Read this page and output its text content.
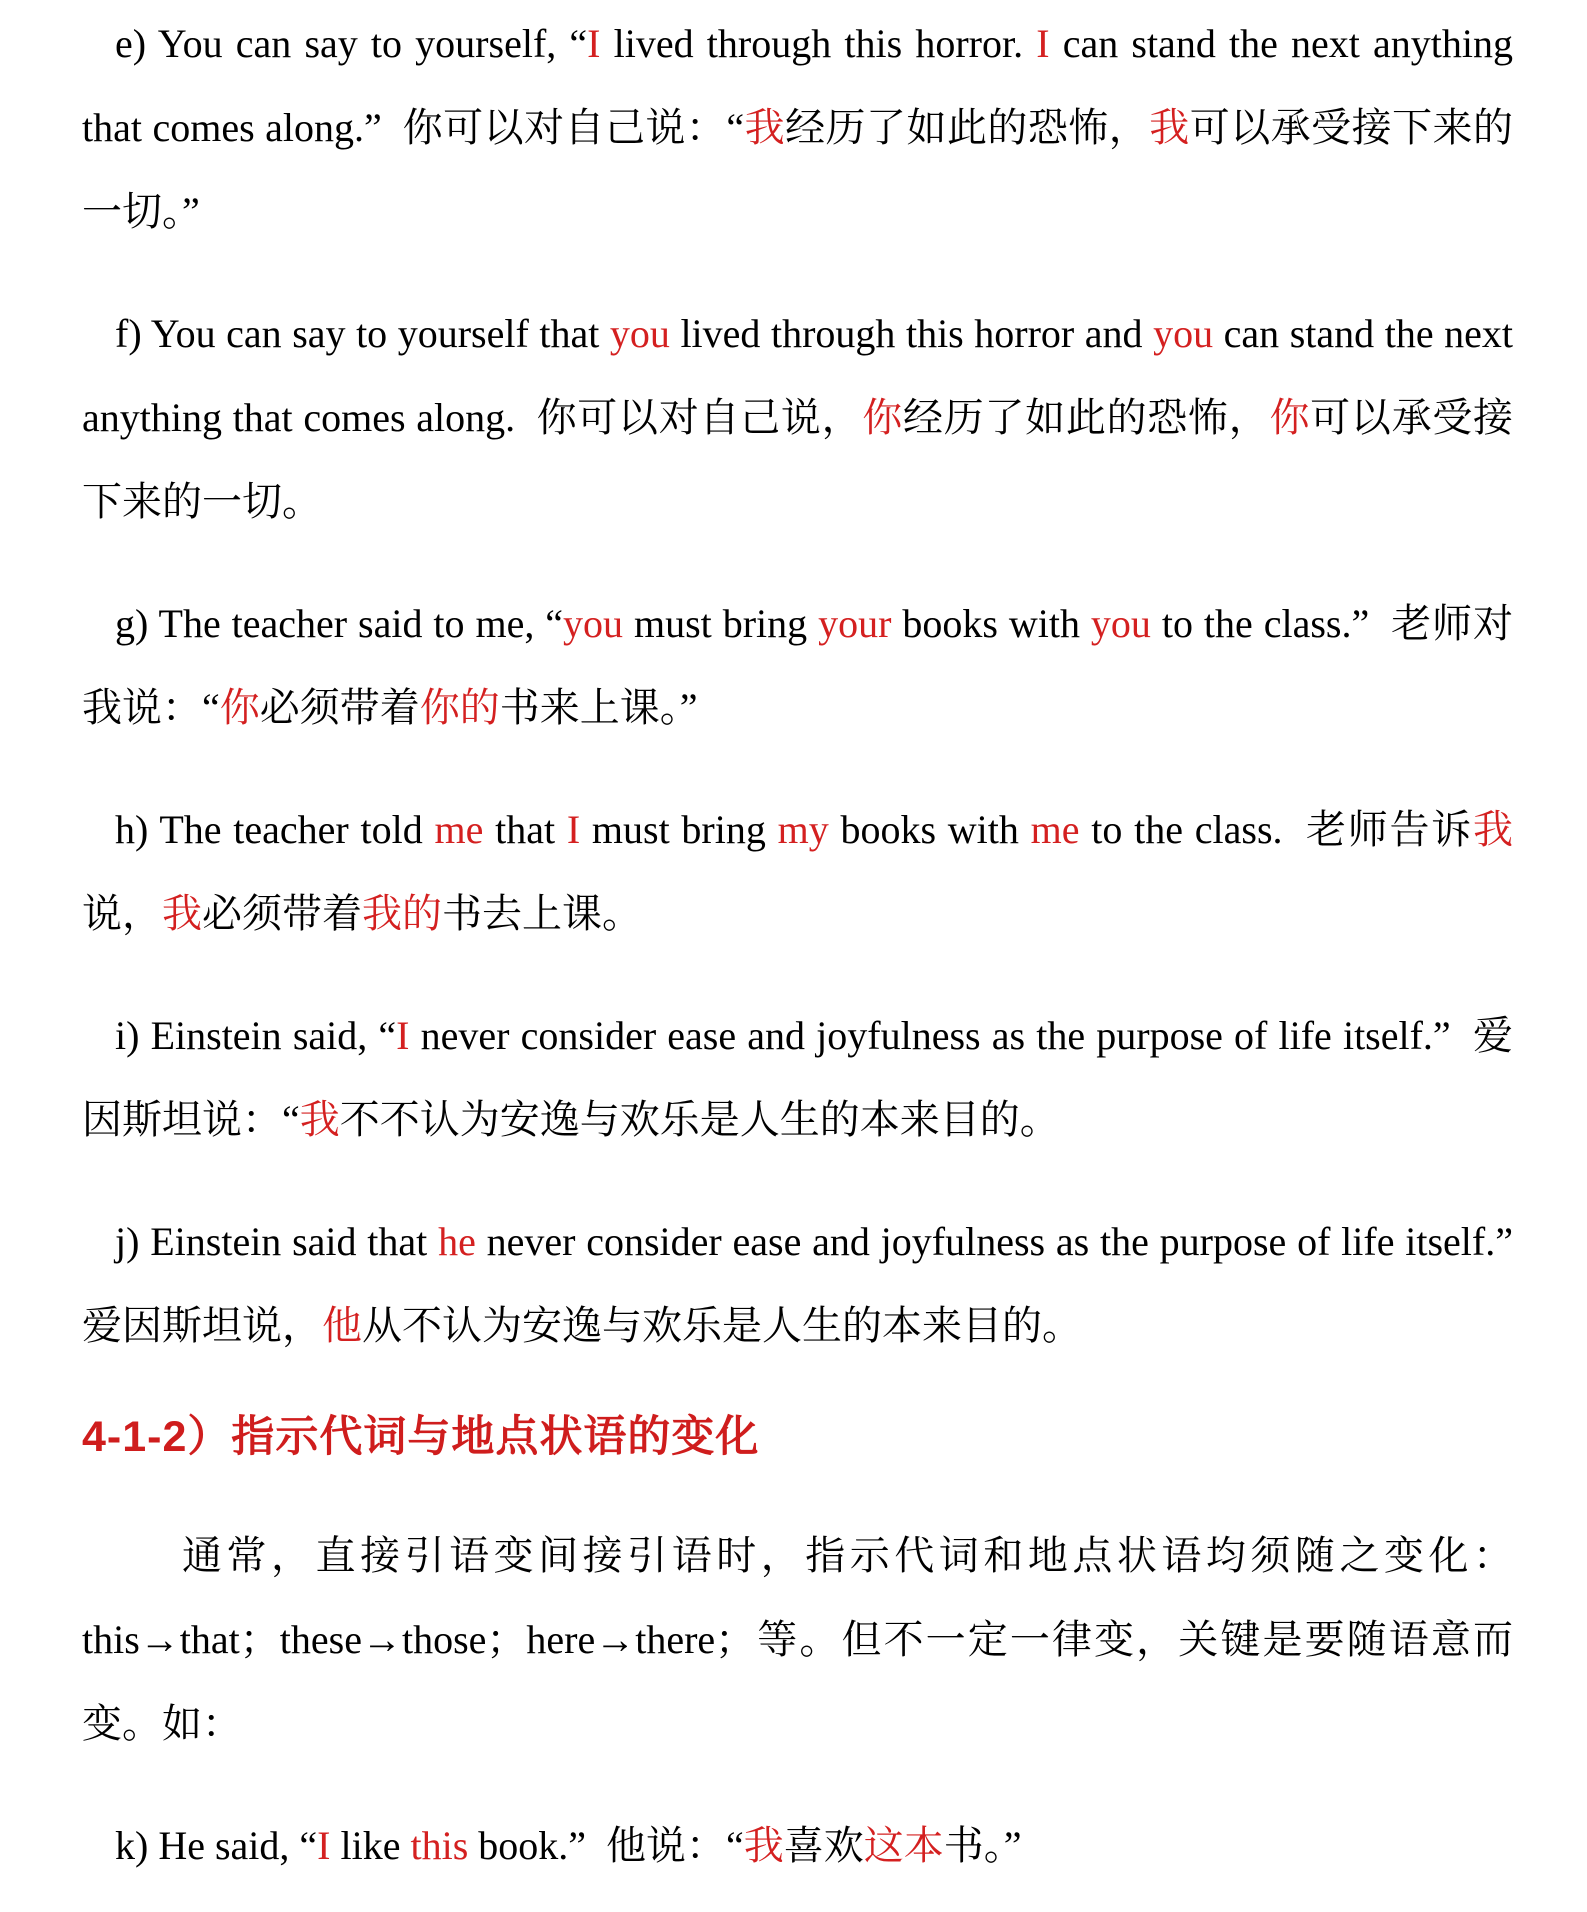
e) You can say to yourself, “I lived through this horror. I can stand the next anything that comes along.”  你可以对自己说：“我经历了如此的恐怖，我可以承受接下来的一切。”

f) You can say to yourself that you lived through this horror and you can stand the next anything that comes along.  你可以对自己说，你经历了如此的恐怖，你可以承受接下来的一切。

g) The teacher said to me, “you must bring your books with you to the class.”  老师对我说：“你必须带着你的书来上课。”

h) The teacher told me that I must bring my books with me to the class.  老师告诉我说，我必须带着我的书去上课。

i) Einstein said, “I never consider ease and joyfulness as the purpose of life itself.”  爱因斯坦说：“我不不认为安逸与欢乐是人生的本来目的。

j) Einstein said that he never consider ease and joyfulness as the purpose of life itself.”  爱因斯坦说，他从不认为安逸与欢乐是人生的本来目的。

4-1-2）指示代词与地点状语的变化

通常，直接引语变间接引语时，指示代词和地点状语均须随之变化：this→that；these→those；here→there；等。但不一定一律变，关键是要随语意而变。如：

k) He said, “I like this book.”  他说：“我喜欢这本书。”
